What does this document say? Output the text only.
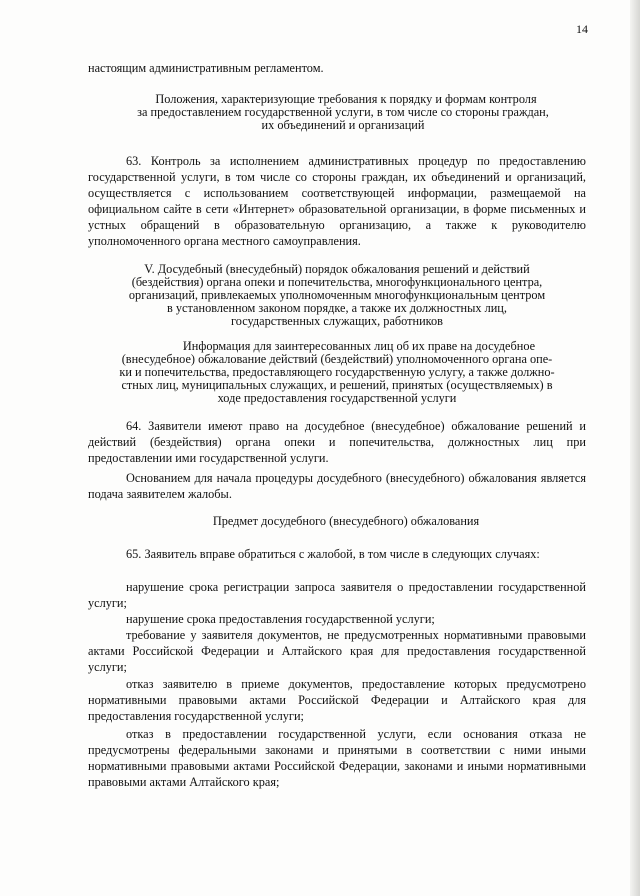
14

настоящим административным регламентом.

Положения, характеризующие требования к порядку и формам контроля
за предоставлением государственной услуги, в том числе со стороны граждан,
их объединений и организаций

63. Контроль за исполнением административных процедур по предоставлению государственной услуги, в том числе со стороны граждан, их объединений и организаций, осуществляется с использованием соответствующей информации, размещаемой на официальном сайте в сети «Интернет» образовательной организации, в форме письменных и устных обращений в образовательную организацию, а также к руководителю уполномоченного органа местного самоуправления.

V. Досудебный (внесудебный) порядок обжалования решений и действий
(бездействия) органа опеки и попечительства, многофункционального центра,
организаций, привлекаемых уполномоченным многофункциональным центром
в установленном законом порядке, а также их должностных лиц,
государственных служащих, работников
Информация для заинтересованных лиц об их праве на досудебное
(внесудебное) обжалование действий (бездействий) уполномоченного органа опе-
ки и попечительства, предоставляющего государственную услугу, а также должно-
стных лиц, муниципальных служащих, и решений, принятых (осуществляемых) в
ходе предоставления государственной услуги

64. Заявители имеют право на досудебное (внесудебное) обжалование решений и действий (бездействия) органа опеки и попечительства, должностных лиц при предоставлении ими государственной услуги.

Основанием для начала процедуры досудебного (внесудебного) обжалования является подача заявителем жалобы.

Предмет досудебного (внесудебного) обжалования

65. Заявитель вправе обратиться с жалобой, в том числе в следующих случаях:

нарушение срока регистрации запроса заявителя о предоставлении государственной услуги;

нарушение срока предоставления государственной услуги;

требование у заявителя документов, не предусмотренных нормативными правовыми актами Российской Федерации и Алтайского края для предоставления государственной услуги;

отказ заявителю в приеме документов, предоставление которых предусмотрено нормативными правовыми актами Российской Федерации и Алтайского края для предоставления государственной услуги;

отказ в предоставлении государственной услуги, если основания отказа не предусмотрены федеральными законами и принятыми в соответствии с ними иными нормативными правовыми актами Российской Федерации, законами и иными нормативными правовыми актами Алтайского края;
